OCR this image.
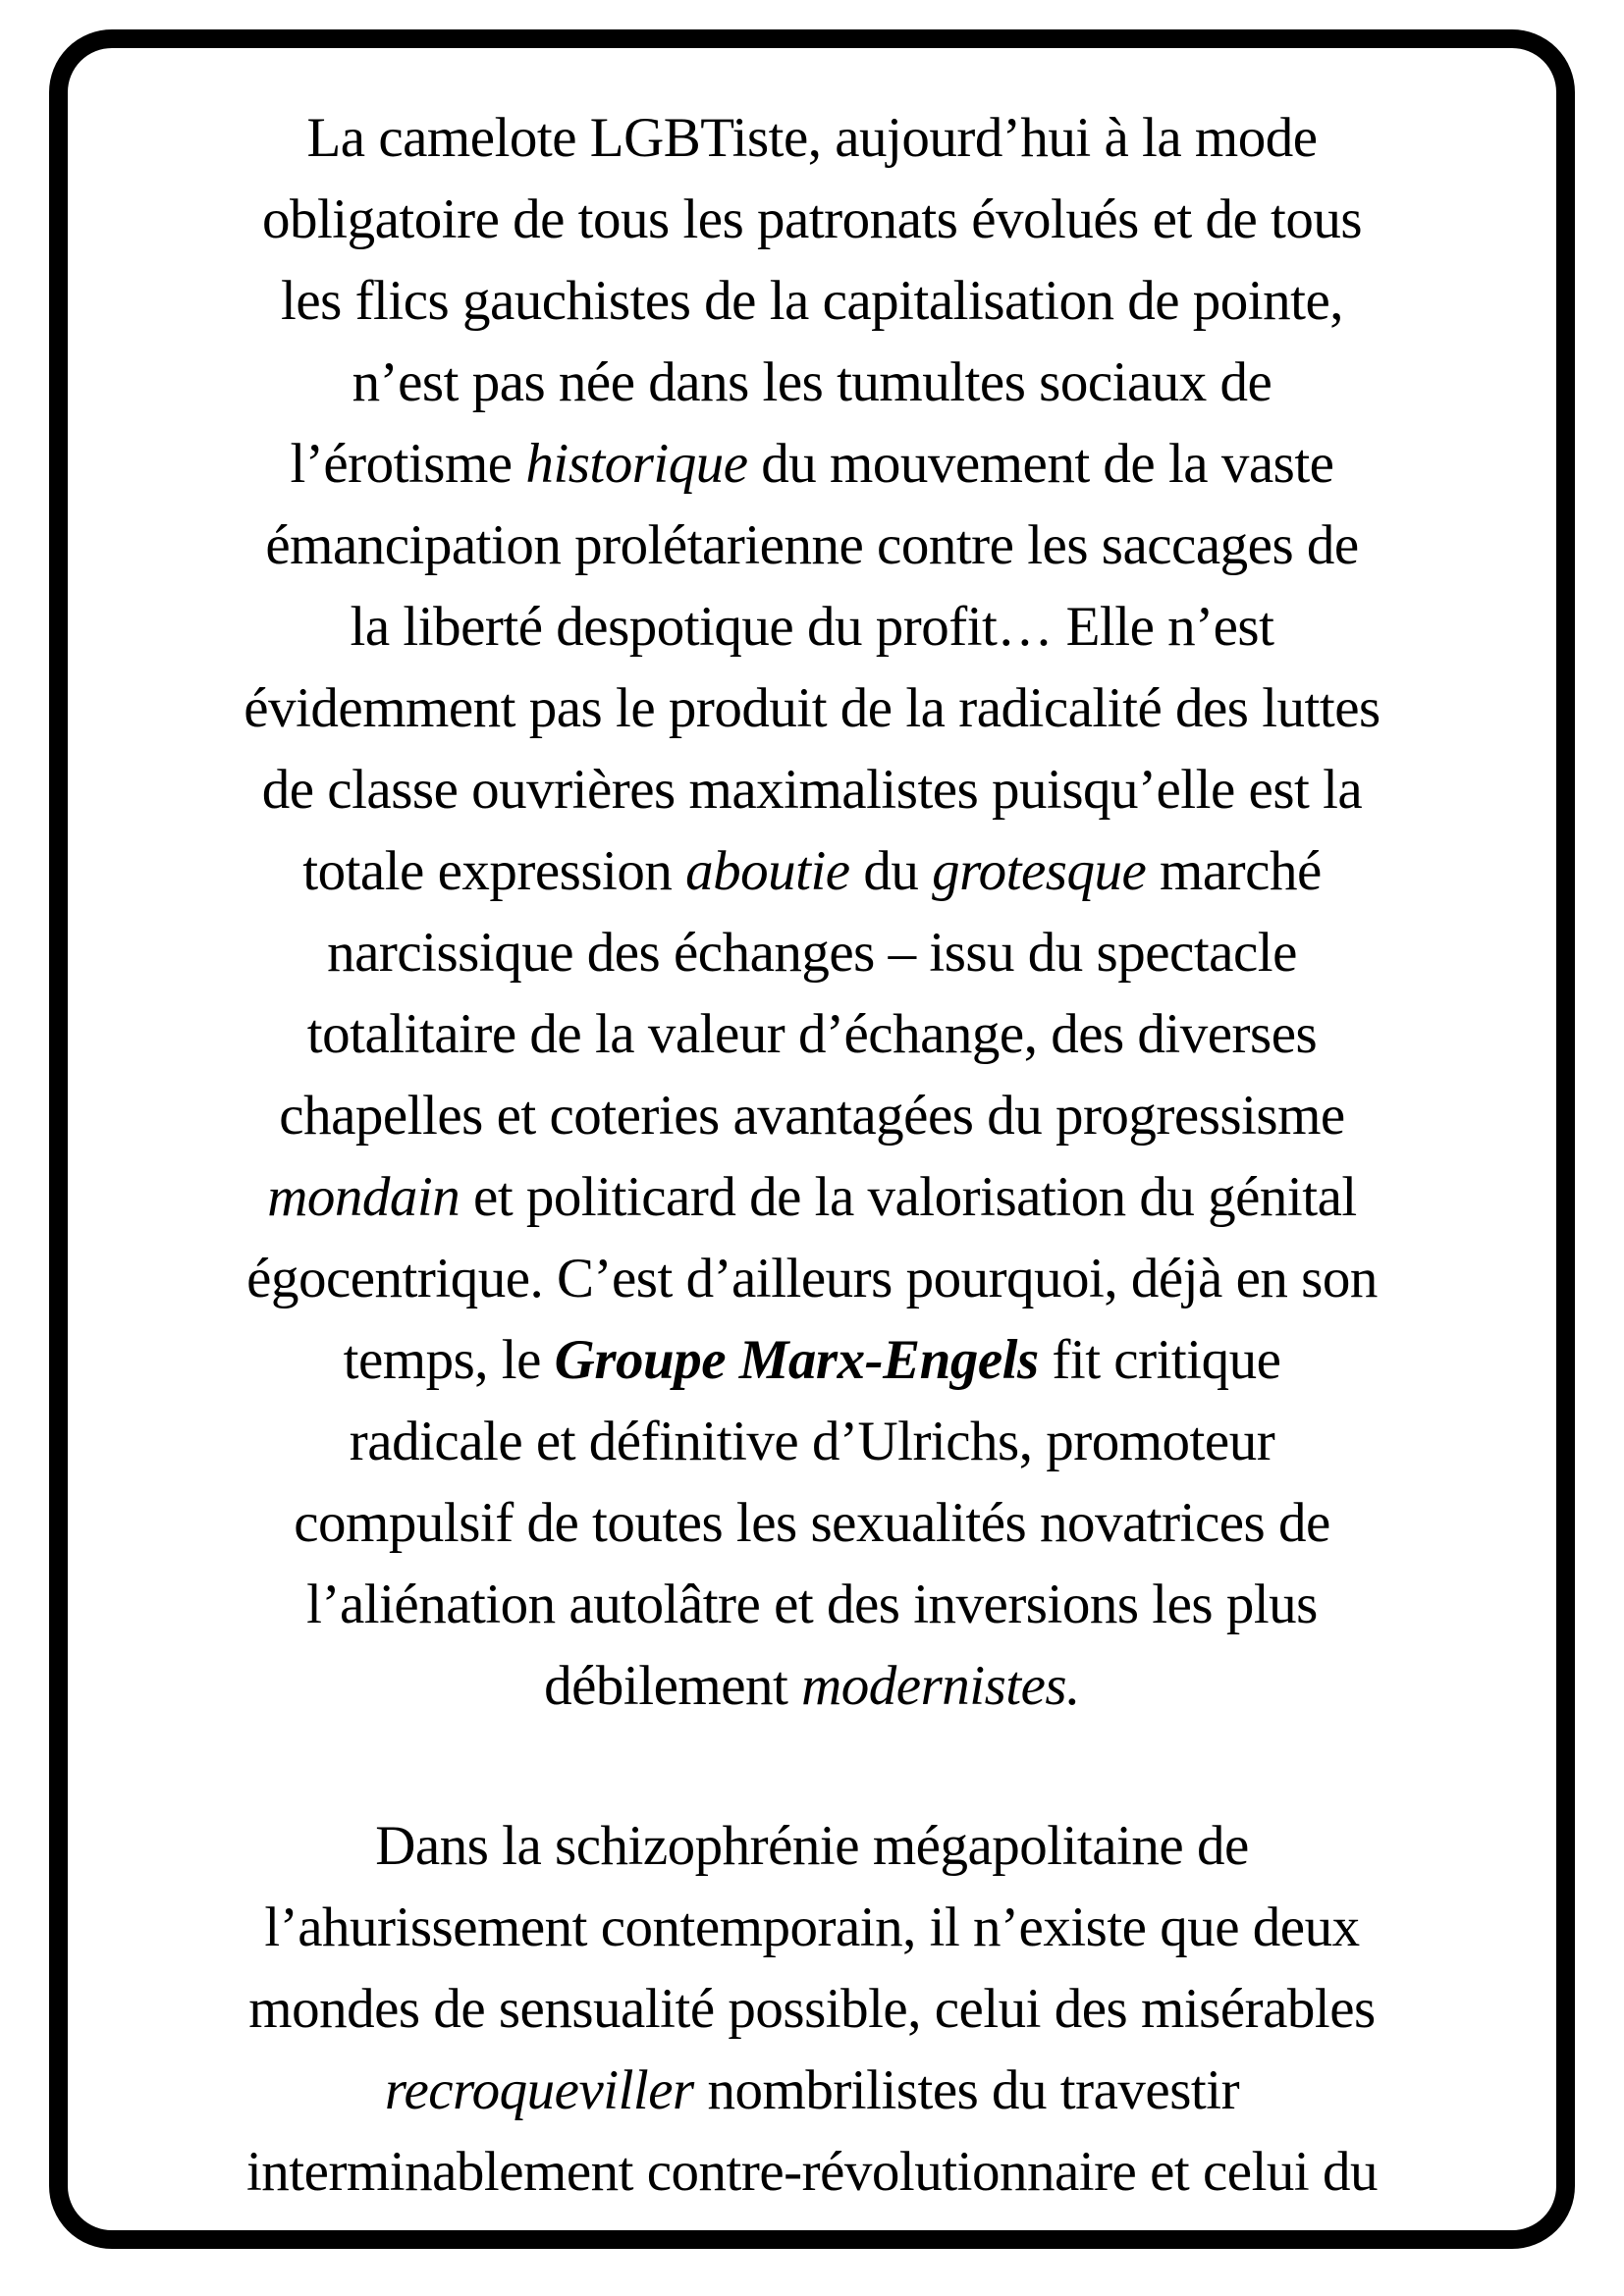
La camelote LGBTiste, aujourd’hui à la mode
obligatoire de tous les patronats évolués et de tous
les flics gauchistes de la capitalisation de pointe,
n’est pas née dans les tumultes sociaux de
l’érotisme historique du mouvement de la vaste
émancipation prolétarienne contre les saccages de
la liberté despotique du profit… Elle n’est
évidemment pas le produit de la radicalité des luttes
de classe ouvrières maximalistes puisqu’elle est la
totale expression aboutie du grotesque marché
narcissique des échanges – issu du spectacle
totalitaire de la valeur d’échange, des diverses
chapelles et coteries avantagées du progressisme
mondain et politicard de la valorisation du génital
égocentrique. C’est d’ailleurs pourquoi, déjà en son
temps, le Groupe Marx-Engels fit critique
radicale et définitive d’Ulrichs, promoteur
compulsif de toutes les sexualités novatrices de
l’aliénation autolâtre et des inversions les plus
débilement modernistes.
Dans la schizophrénie mégapolitaine de
l’ahurissement contemporain, il n’existe que deux
mondes de sensualité possible, celui des misérables
recroqueviller nombrilistes du travestir
interminablement contre-révolutionnaire et celui du
